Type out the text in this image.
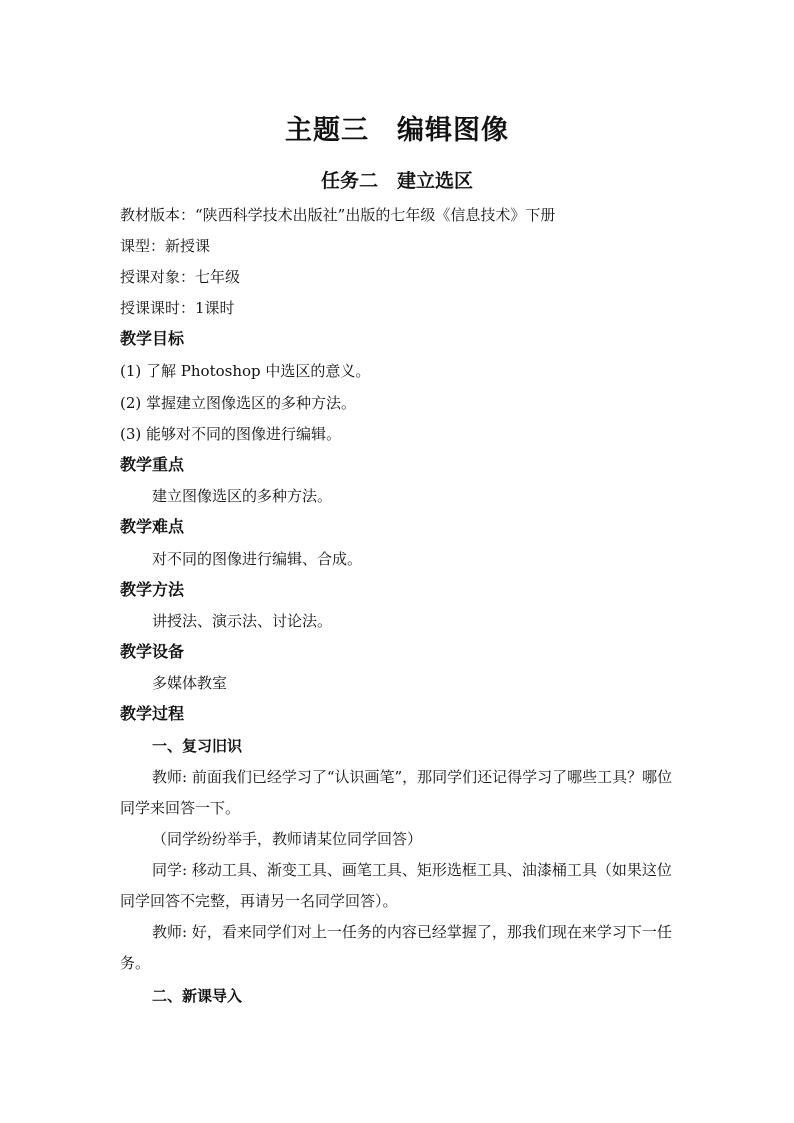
主题三　编辑图像
任务二　建立选区
教材版本：“陕西科学技术出版社”出版的七年级《信息技术》下册
课型：新授课
授课对象：七年级
授课课时：1课时
教学目标
(1) 了解 Photoshop 中选区的意义。
(2) 掌握建立图像选区的多种方法。
(3) 能够对不同的图像进行编辑。
教学重点
建立图像选区的多种方法。
教学难点
对不同的图像进行编辑、合成。
教学方法
讲授法、演示法、讨论法。
教学设备
多媒体教室
教学过程
一、复习旧识
教师: 前面我们已经学习了“认识画笔”，那同学们还记得学习了哪些工具？哪位同学来回答一下。
（同学纷纷举手，教师请某位同学回答）
同学: 移动工具、渐变工具、画笔工具、矩形选框工具、油漆桶工具（如果这位同学回答不完整，再请另一名同学回答）。
教师: 好，看来同学们对上一任务的内容已经掌握了，那我们现在来学习下一任务。
二、新课导入
